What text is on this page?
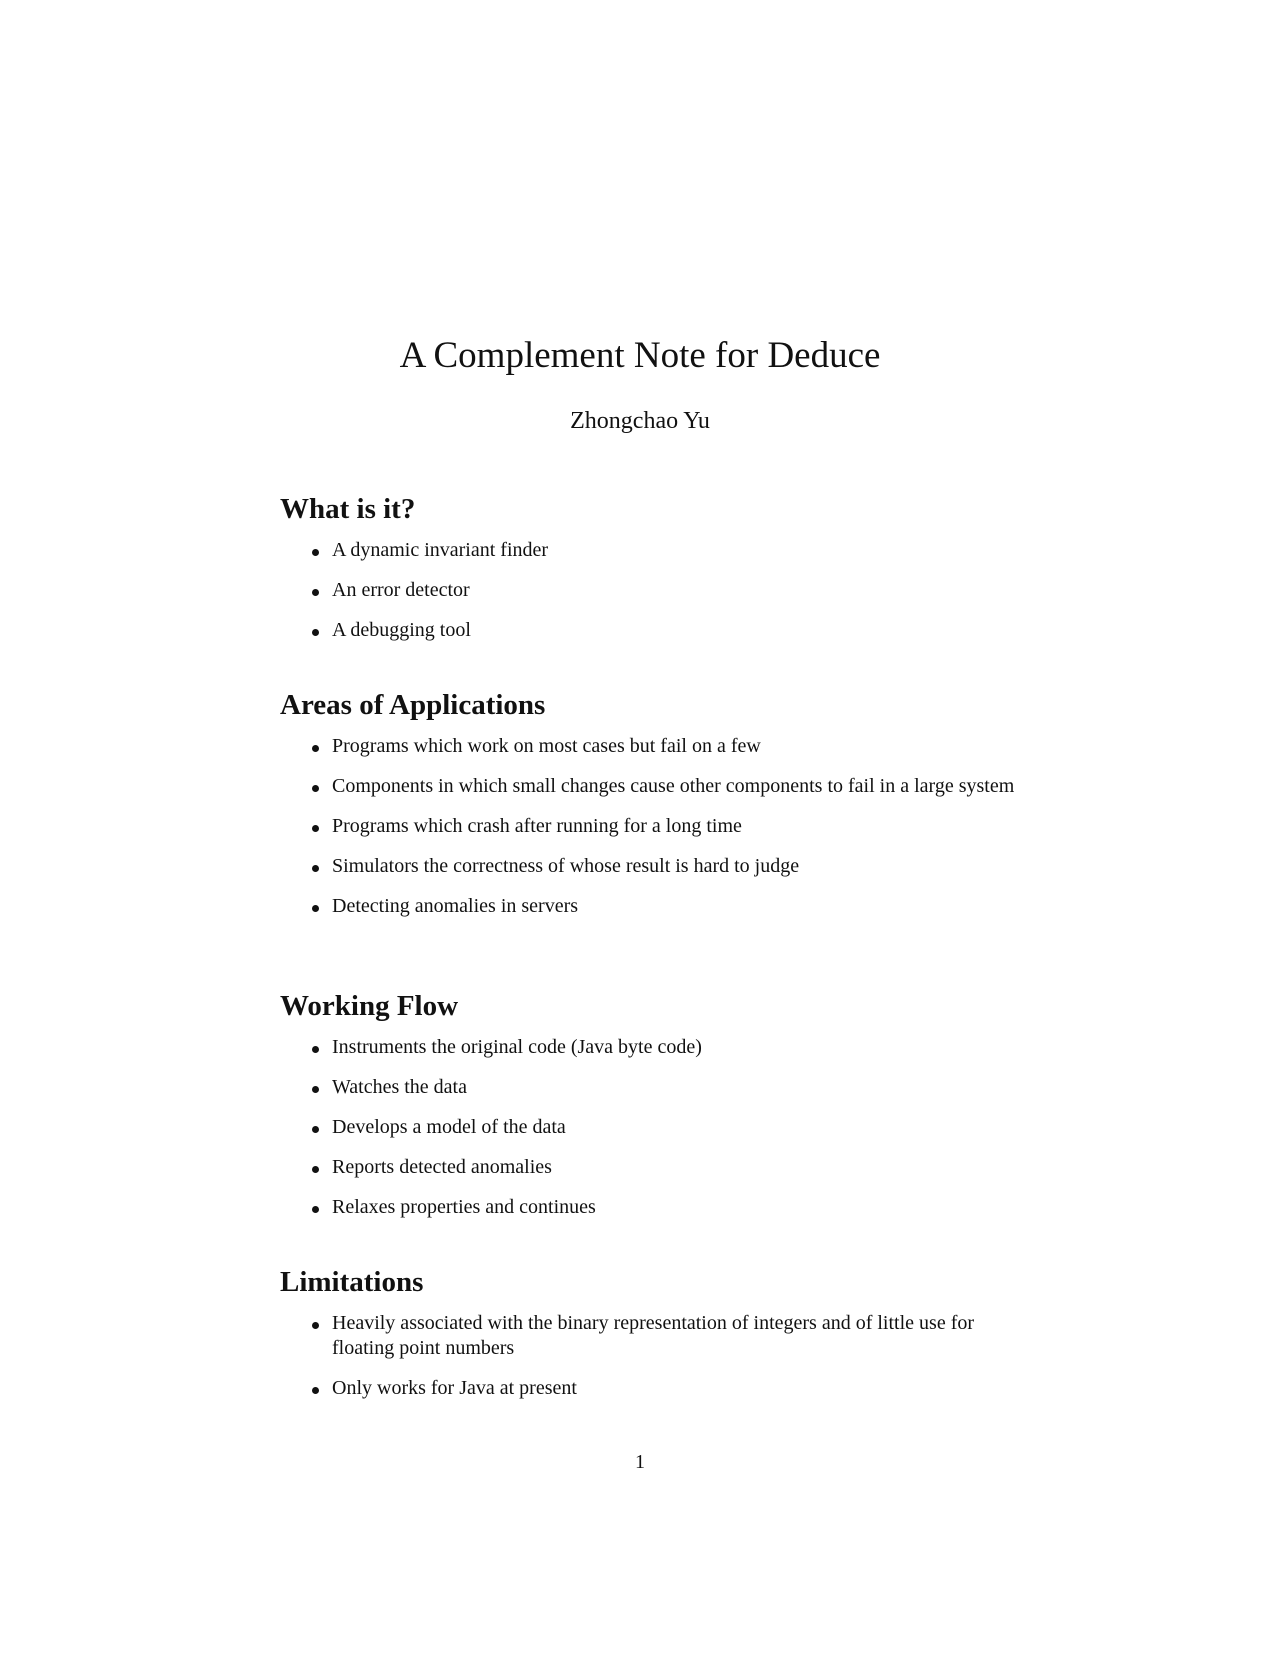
A Complement Note for Deduce
Zhongchao Yu
What is it?
A dynamic invariant finder
An error detector
A debugging tool
Areas of Applications
Programs which work on most cases but fail on a few
Components in which small changes cause other components to fail in a large system
Programs which crash after running for a long time
Simulators the correctness of whose result is hard to judge
Detecting anomalies in servers
Working Flow
Instruments the original code (Java byte code)
Watches the data
Develops a model of the data
Reports detected anomalies
Relaxes properties and continues
Limitations
Heavily associated with the binary representation of integers and of little use for floating point numbers
Only works for Java at present
1
